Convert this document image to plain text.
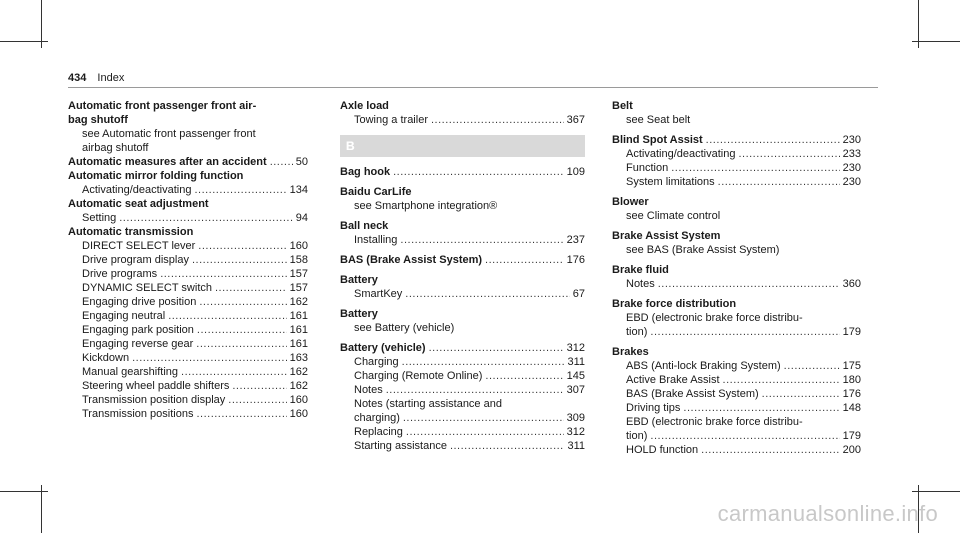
434 Index
Automatic front passenger front air-
bag shutoff
see Automatic front passenger front
airbag shutoff
Automatic measures after an accident .....	50
Automatic mirror folding function
Activating/deactivating .....	134
Automatic seat adjustment
Setting .....	94
Automatic transmission
DIRECT SELECT lever .....	160
Drive program display .....	158
Drive programs .....	157
DYNAMIC SELECT switch .....	157
Engaging drive position .....	162
Engaging neutral .....	161
Engaging park position .....	161
Engaging reverse gear .....	161
Kickdown .....	163
Manual gearshifting .....	162
Steering wheel paddle shifters .....	162
Transmission position display .....	160
Transmission positions .....	160
Axle load
Towing a trailer .....	367
B
Bag hook .....	109
Baidu CarLife
see Smartphone integration®
Ball neck
Installing .....	237
BAS (Brake Assist System) .....	176
Battery
SmartKey .....	67
Battery
see Battery (vehicle)
Battery (vehicle) .....	312
Charging .....	311
Charging (Remote Online) .....	145
Notes .....	307
Notes (starting assistance and
charging) .....	309
Replacing .....	312
Starting assistance .....	311
Belt
see Seat belt
Blind Spot Assist .....	230
Activating/deactivating .....	233
Function .....	230
System limitations .....	230
Blower
see Climate control
Brake Assist System
see BAS (Brake Assist System)
Brake fluid
Notes .....	360
Brake force distribution
EBD (electronic brake force distribu-
tion) .....	179
Brakes
ABS (Anti-lock Braking System) .....	175
Active Brake Assist .....	180
BAS (Brake Assist System) .....	176
Driving tips .....	148
EBD (electronic brake force distribu-
tion) .....	179
HOLD function .....	200
carmanualsonline.info
